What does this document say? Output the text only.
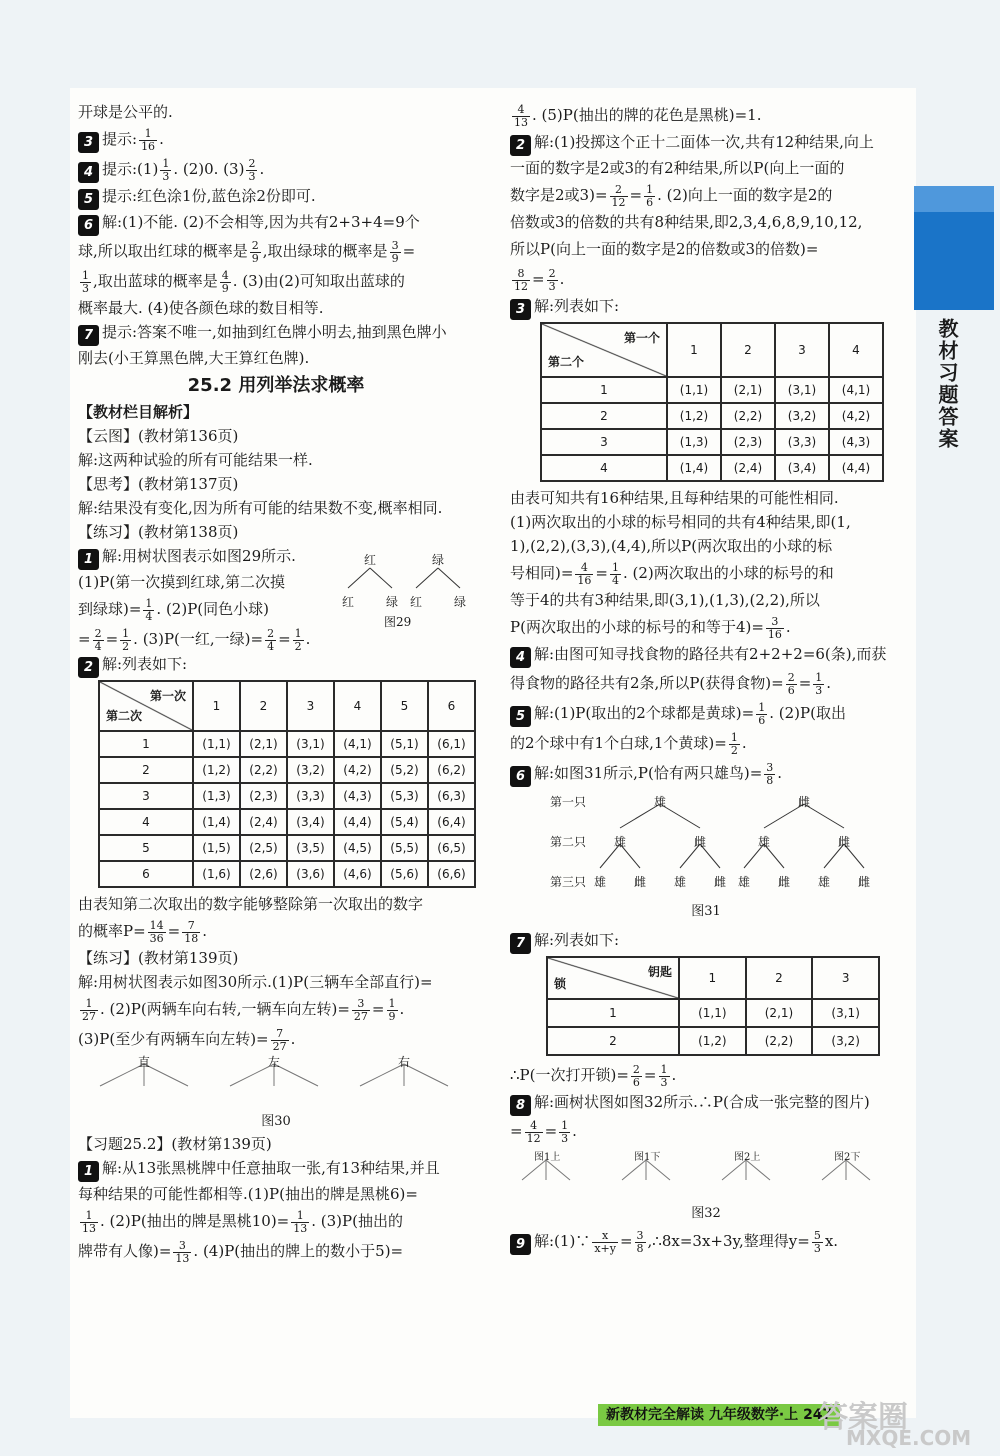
教材习题答案
开球是公平的.
3 提示: $\frac{1}{16}$ .
4 提示:(1) $\frac{1}{3}$ . (2)0. $(3) \frac{2}{3}$ .
5 提示:红色涂1份,蓝色涂2份即可.
6 解:(1)不能. (2)不会相等,因为共有2+3+4=9个
球,所以取出红球的概率是 $\frac{2}{9}$ ,取出绿球的概率是 $\frac{3}{9}$ =
$\frac{1}{3}$ ,取出蓝球的概率是 $\frac{4}{9}$ . (3)由(2)可知取出蓝球的
概率最大. (4)使各颜色球的数目相等.
7 提示:答案不唯一,如抽到红色牌小明去,抽到黑色牌小
刚去(小王算黑色牌,大王算红色牌).
25.2 用列举法求概率
【教材栏目解析】
【云图】(教材第136页)
解:这两种试验的所有可能结果一样.
【思考】(教材第137页)
解:结果没有变化,因为所有可能的结果数不变,概率相同.
【练习】(教材第138页)
1 解:用树状图表示如图29所示.
(1)P(第一次摸到红球,第二次摸
到绿球)= $\frac{1}{4}$ . (2)P(同色小球)
= $\frac{2}{4} = \frac{1}{2}$ . (3)P(一红,一绿)= $\frac{2}{4} = \frac{1}{2}$ .
红	绿
红	绿 红	绿
图29
2 解:列表如下:
第一次
第二次	1	2	3	4	5	6
1	(1,1)	(2,1)	(3,1)	(4,1)	(5,1)	(6,1)
2	(1,2)	(2,2)	(3,2)	(4,2)	(5,2)	(6,2)
3	(1,3)	(2,3)	(3,3)	(4,3)	(5,3)	(6,3)
4	(1,4)	(2,4)	(3,4)	(4,4)	(5,4)	(6,4)
5	(1,5)	(2,5)	(3,5)	(4,5)	(5,5)	(6,5)
6	(1,6)	(2,6)	(3,6)	(4,6)	(5,6)	(6,6)
由表知第二次取出的数字能够整除第一次取出的数字
的概率$P= \frac{14}{36} = \frac{7}{18}$ .
【练习】(教材第139页)
解:用树状图表示如图30所示.(1)P(三辆车全部直行)=
$\frac{1}{27}$ . (2)P(两辆车向右转,一辆车向左转)= $\frac{3}{27} = \frac{1}{9}$ .
(3)P(至少有两辆车向左转)= $\frac{7}{27}$ .
直	左	右
图30
【习题25.2】(教材第139页)
1 解:从13张黑桃牌中任意抽取一张,有13种结果,并且
每种结果的可能性都相等.(1)P(抽出的牌是黑桃6)=
$\frac{1}{13}$ . (2)P(抽出的牌是黑桃$10)= \frac{1}{13}$ . (3)P(抽出的
牌带有人像)= $\frac{3}{13}$ . (4)P(抽出的牌上的数小于5)=
$\frac{4}{13}$ . (5)P(抽出的牌的花色是黑桃)=1.
2 解:(1)投掷这个正十二面体一次,共有12种结果,向上
一面的数字是2或3的有2种结果,所以P(向上一面的
数字是2或$3)= \frac{2}{12} = \frac{1}{6}$ . (2)向上一面的数字是2的
倍数或3的倍数的共有8种结果,即2,3,4,6,8,9,10,12,
所以P(向上一面的数字是2的倍数或3的倍数)=
$\frac{8}{12} = \frac{2}{3}$ .
3 解:列表如下:
第一个
第二个	1	2	3	4
1	(1,1)	(2,1)	(3,1)	(4,1)
2	(1,2)	(2,2)	(3,2)	(4,2)
3	(1,3)	(2,3)	(3,3)	(4,3)
4	(1,4)	(2,4)	(3,4)	(4,4)
由表可知共有16种结果,且每种结果的可能性相同.
(1)两次取出的小球的标号相同的共有4种结果,即(1,
1),(2,2),(3,3),(4,4),所以P(两次取出的小球的标
号相同)= $\frac{4}{16} = \frac{1}{4}$ . (2)两次取出的小球的标号的和
等于4的共有3种结果,即(3,1),(1,3),(2,2),所以
P(两次取出的小球的标号的和等于$4)= \frac{3}{16}$ .
4 解:由图可知寻找食物的路径共有2+2+2=6(条),而获
得食物的路径共有2条,所以P(获得食物)= $\frac{2}{6} = \frac{1}{3}$ .
5 解:(1)P(取出的2个球都是黄球)= $\frac{1}{6}$ . (2)P(取出
的2个球中有1个白球,1个黄球)= $\frac{1}{2}$ .
6 解:如图31所示,P(恰有两只雄鸟)= $\frac{3}{8}$ .
第一只
第二只
第三只
雄	雌
雄	雌	雄	雌
雄 雌 雄 雌 雄 雌 雄 雌
图31
7 解:列表如下:
钥匙
锁	1	2	3
1	(1,1)	(2,1)	(3,1)
2	(1,2)	(2,2)	(3,2)
∴P(一次打开锁)= $\frac{2}{6} = \frac{1}{3}$ .
8 解:画树状图如图32所示.∴P(合成一张完整的图片)
= $\frac{4}{12} = \frac{1}{3}$ .
图1上	图1下	图2上	图2下
图32
9 解:(1)∵ $\frac{x}{x+y} = \frac{3}{8}$ ,∴8x=3x+3y,整理得$y= \frac{5}{3} x$.
新教材完全解读 九年级数学·上 247
答案圈
MXQE.COM
